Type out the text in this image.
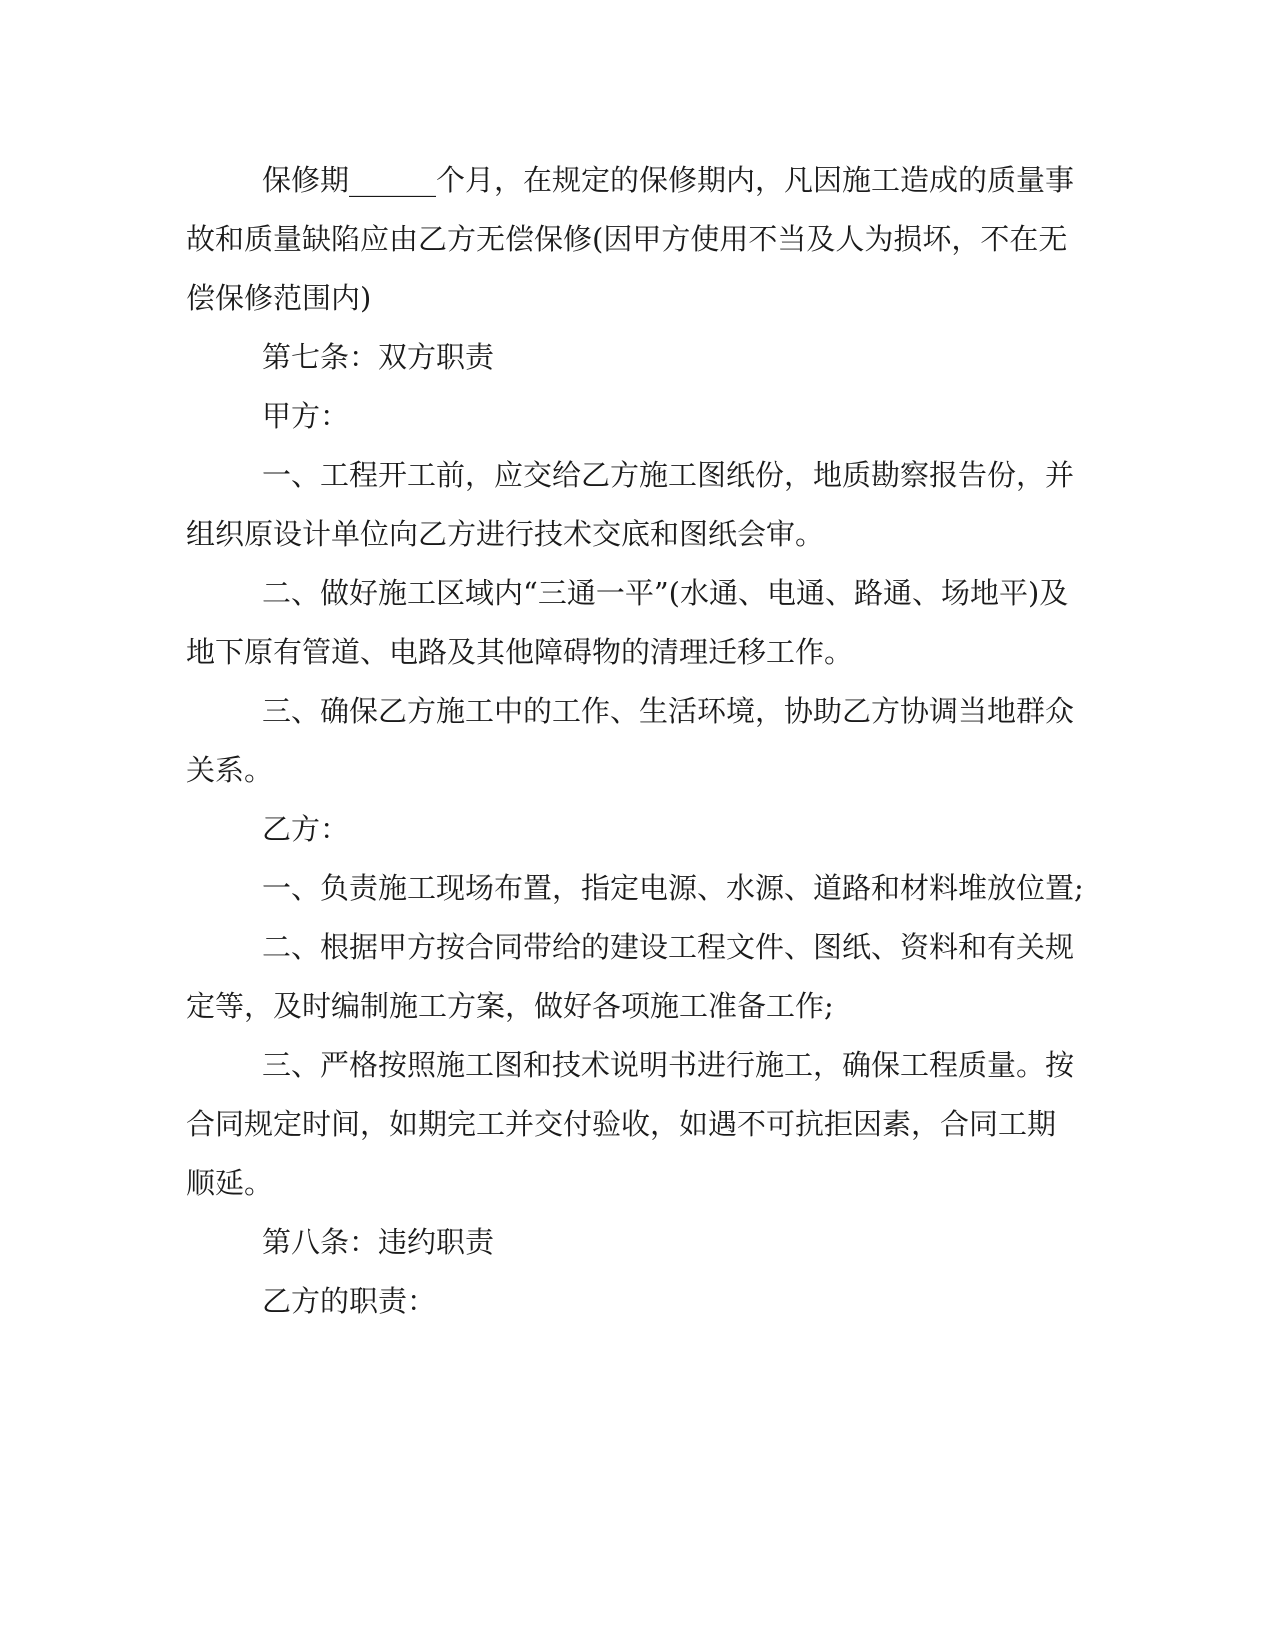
保修期______个月，在规定的保修期内，凡因施工造成的质量事
故和质量缺陷应由乙方无偿保修(因甲方使用不当及人为损坏，不在无
偿保修范围内)
第七条：双方职责
甲方：
一、工程开工前，应交给乙方施工图纸份，地质勘察报告份，并
组织原设计单位向乙方进行技术交底和图纸会审。
二、做好施工区域内“三通一平”(水通、电通、路通、场地平)及
地下原有管道、电路及其他障碍物的清理迁移工作。
三、确保乙方施工中的工作、生活环境，协助乙方协调当地群众
关系。
乙方：
一、负责施工现场布置，指定电源、水源、道路和材料堆放位置;
二、根据甲方按合同带给的建设工程文件、图纸、资料和有关规
定等，及时编制施工方案，做好各项施工准备工作;
三、严格按照施工图和技术说明书进行施工，确保工程质量。按
合同规定时间，如期完工并交付验收，如遇不可抗拒因素，合同工期
顺延。
第八条：违约职责
乙方的职责：
